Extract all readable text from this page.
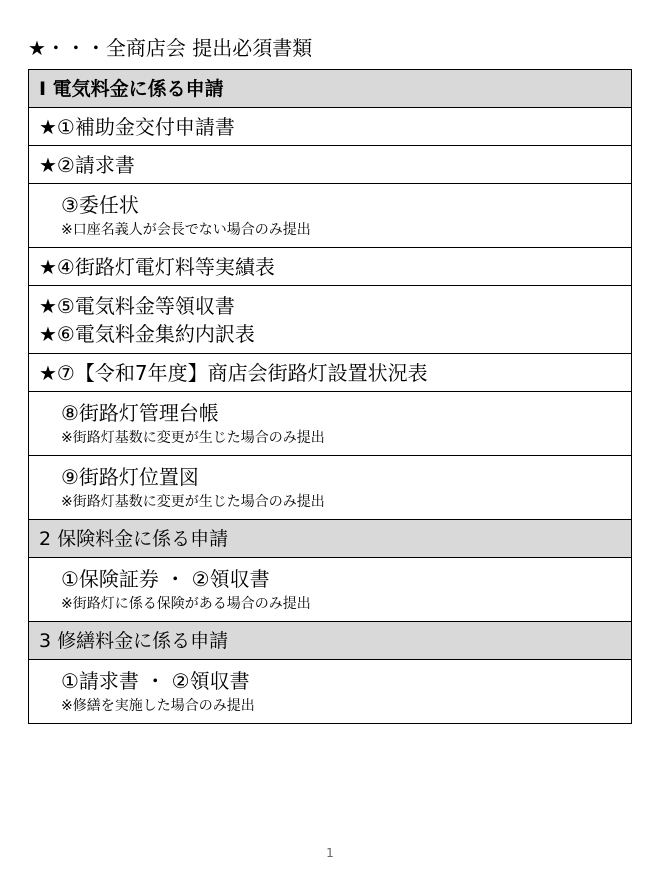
★・・・全商店会 提出必須書類
Ⅰ 電気料金に係る申請

★①補助金交付申請書

★②請求書

③委任状
※口座名義人が会長でない場合のみ提出

★④街路灯電灯料等実績表

★⑤電気料金等領収書
★⑥電気料金集約内訳表

★⑦【令和7年度】商店会街路灯設置状況表

⑧街路灯管理台帳
※街路灯基数に変更が生じた場合のみ提出

⑨街路灯位置図
※街路灯基数に変更が生じた場合のみ提出

2 保険料金に係る申請

①保険証券 ・ ②領収書
※街路灯に係る保険がある場合のみ提出

3 修繕料金に係る申請

①請求書 ・ ②領収書
※修繕を実施した場合のみ提出
1
